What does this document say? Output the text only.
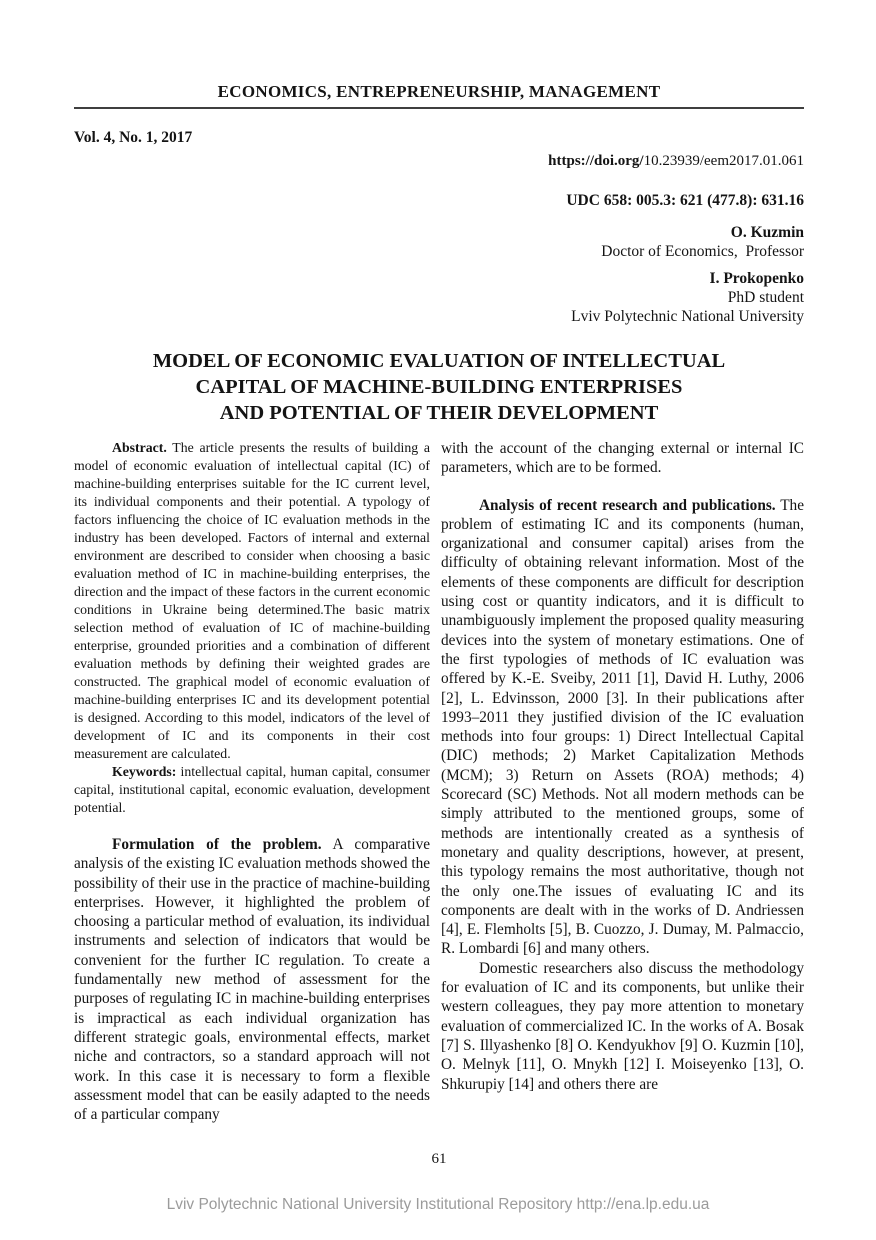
ECONOMICS, ENTREPRENEURSHIP, MANAGEMENT
Vol. 4, No. 1, 2017
https://doi.org/10.23939/eem2017.01.061
UDC 658: 005.3: 621 (477.8): 631.16
O. Kuzmin
Doctor of Economics,  Professor
I. Prokopenko
PhD student
Lviv Polytechnic National University
MODEL OF ECONOMIC EVALUATION OF INTELLECTUAL
CAPITAL OF MACHINE-BUILDING ENTERPRISES
AND POTENTIAL OF THEIR DEVELOPMENT

Abstract. The article presents the results of building a model of economic evaluation of intellectual capital (IC) of machine-building enterprises suitable for the IC current level, its individual components and their potential. A typology of factors influencing the choice of IC evaluation methods in the industry has been developed. Factors of internal and external environment are described to consider when choosing a basic evaluation method of IC in machine-building enterprises, the direction and the impact of these factors in the current economic conditions in Ukraine being determined.The basic matrix selection method of evaluation of IC of machine-building enterprise, grounded priorities and a combination of different evaluation methods by defining their weighted grades are constructed. The graphical model of economic evaluation of machine-building enterprises IC and its development potential is designed. According to this model, indicators of the level of development of IC and its components in their cost measurement are calculated.

Keywords: intellectual capital, human capital, consumer capital, institutional capital, economic evaluation, development potential.

Formulation of the problem. A comparative analysis of the existing IC evaluation methods showed the possibility of their use in the practice of machine-building enterprises. However, it highlighted the problem of choosing a particular method of evaluation, its individual instruments and selection of indicators that would be convenient for the further IC regulation. To create a fundamentally new method of assessment for the purposes of regulating IC in machine-building enterprises is impractical as each individual organization has different strategic goals, environmental effects, market niche and contractors, so a standard approach will not work. In this case it is necessary to form a flexible assessment model that can be easily adapted to the needs of a particular company

with the account of the changing external or internal IC parameters, which are to be formed.

Analysis of recent research and publications. The problem of estimating IC and its components (human, organizational and consumer capital) arises from the difficulty of obtaining relevant information. Most of the elements of these components are difficult for description using cost or quantity indicators, and it is difficult to unambiguously implement the proposed quality measuring devices into the system of monetary estimations. One of the first typologies of methods of IC evaluation was offered by K.-E. Sveiby, 2011 [1], David H. Luthy, 2006 [2], L. Edvinsson, 2000 [3]. In their publications after 1993–2011 they justified division of the IC evaluation methods into four groups: 1) Direct Intellectual Capital (DIC) methods; 2) Market Capitalization Methods (MCM); 3) Return on Assets (ROA) methods; 4) Scorecard (SC) Methods. Not all modern methods can be simply attributed to the mentioned groups, some of methods are intentionally created as a synthesis of monetary and quality descriptions, however, at present, this typology remains the most authoritative, though not the only one.The issues of evaluating IC and its components are dealt with in the works of D. Andriessen [4], E. Flemholts [5], B. Cuozzo, J. Dumay, M. Palmaccio, R. Lombardi [6] and many others.

Domestic researchers also discuss the methodology for evaluation of IC and its components, but unlike their western colleagues, they pay more attention to monetary evaluation of commercialized IC. In the works of A. Bosak [7] S. Illyashenko [8] O. Kendyukhov [9] O. Kuzmin [10], O. Melnyk [11], O. Mnykh [12] I. Moiseyenko [13], O. Shkurupiy [14] and others there are

61
Lviv Polytechnic National University Institutional Repository http://ena.lp.edu.ua
